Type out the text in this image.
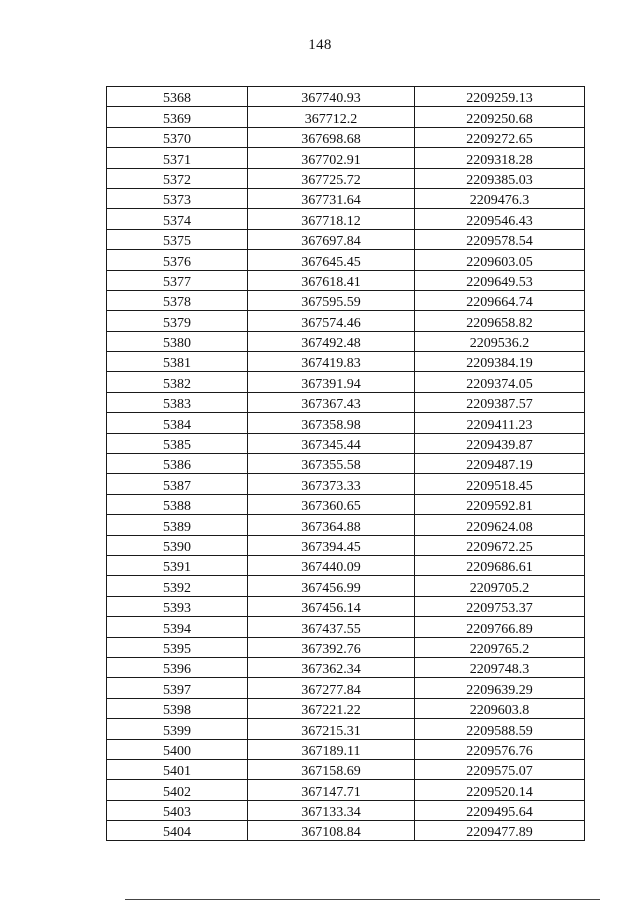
148
5368	367740.93	2209259.13
5369	367712.2	2209250.68
5370	367698.68	2209272.65
5371	367702.91	2209318.28
5372	367725.72	2209385.03
5373	367731.64	2209476.3
5374	367718.12	2209546.43
5375	367697.84	2209578.54
5376	367645.45	2209603.05
5377	367618.41	2209649.53
5378	367595.59	2209664.74
5379	367574.46	2209658.82
5380	367492.48	2209536.2
5381	367419.83	2209384.19
5382	367391.94	2209374.05
5383	367367.43	2209387.57
5384	367358.98	2209411.23
5385	367345.44	2209439.87
5386	367355.58	2209487.19
5387	367373.33	2209518.45
5388	367360.65	2209592.81
5389	367364.88	2209624.08
5390	367394.45	2209672.25
5391	367440.09	2209686.61
5392	367456.99	2209705.2
5393	367456.14	2209753.37
5394	367437.55	2209766.89
5395	367392.76	2209765.2
5396	367362.34	2209748.3
5397	367277.84	2209639.29
5398	367221.22	2209603.8
5399	367215.31	2209588.59
5400	367189.11	2209576.76
5401	367158.69	2209575.07
5402	367147.71	2209520.14
5403	367133.34	2209495.64
5404	367108.84	2209477.89
